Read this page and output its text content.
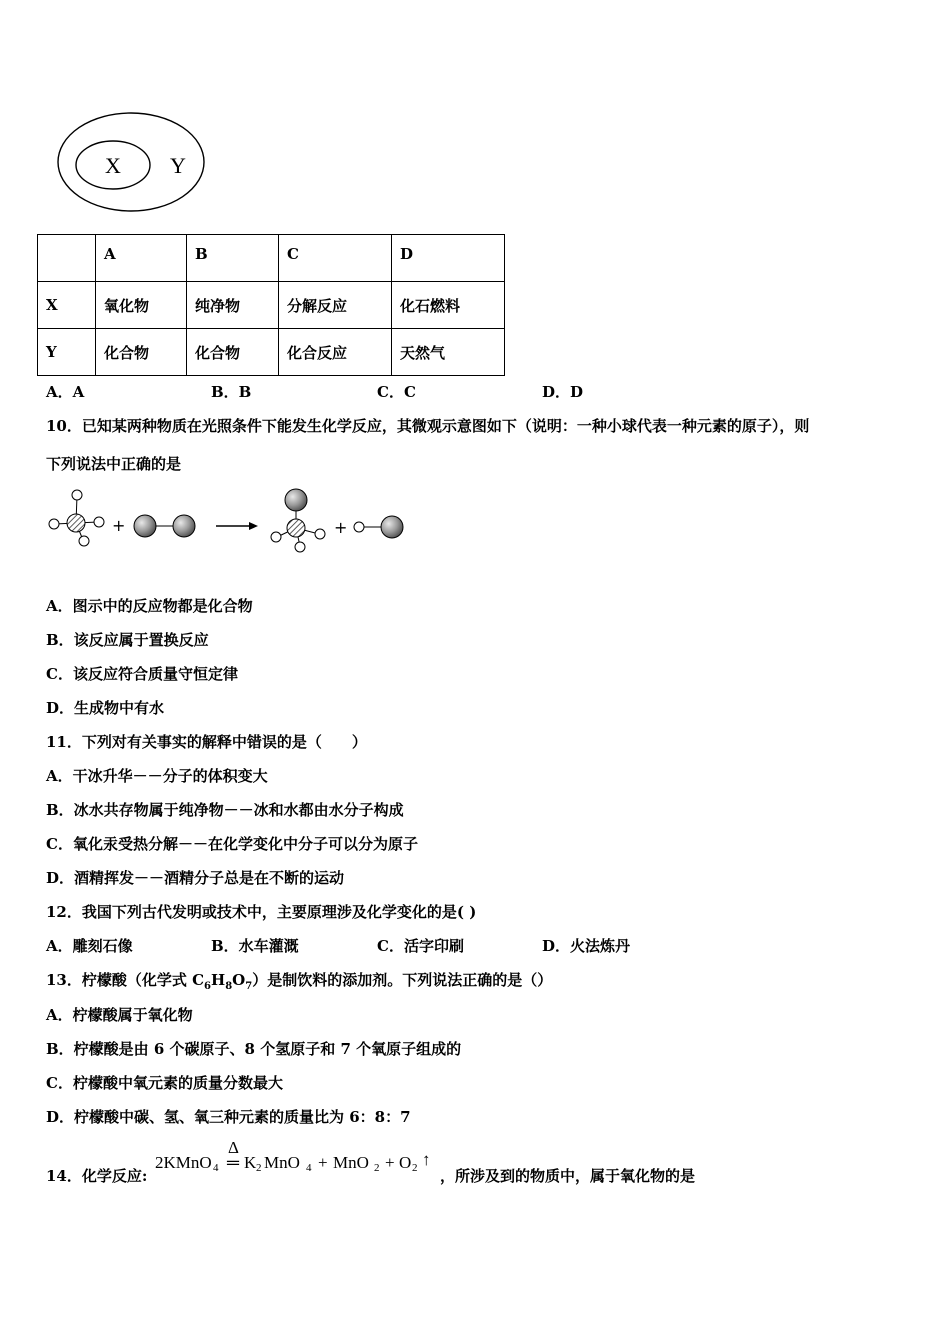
X Y
	A	B	C	D
X	氧化物	纯净物	分解反应	化石燃料
Y	化合物	化合物	化合反应	天然气
A．A	B．B	C．C	D．D
10．已知某两种物质在光照条件下能发生化学反应，其微观示意图如下（说明：一种小球代表一种元素的原子），则
下列说法中正确的是
+	+
A．图示中的反应物都是化合物
B．该反应属于置换反应
C．该反应符合质量守恒定律
D．生成物中有水
11．下列对有关事实的解释中错误的是（　　）
A．干冰升华－－分子的体积变大
B．冰水共存物属于纯净物－－冰和水都由水分子构成
C．氧化汞受热分解－－在化学变化中分子可以分为原子
D．酒精挥发－－酒精分子总是在不断的运动
12．我国下列古代发明或技术中，主要原理涉及化学变化的是( )
A．雕刻石像	B．水车灌溉	C．活字印刷	D．火法炼丹
13．柠檬酸（化学式 $C_6H_8O_7$）是制饮料的添加剂。下列说法正确的是（）
A．柠檬酸属于氧化物
B．柠檬酸是由 6 个碳原子、8 个氢原子和 7 个氧原子组成的
C．柠檬酸中氧元素的质量分数最大
D．柠檬酸中碳、氢、氧三种元素的质量比为 6：8：7
14．化学反应:
2KMnO 4
Δ
═ K 2 MnO 4 + MnO 2 + O 2 ↑
，所涉及到的物质中，属于氧化物的是
